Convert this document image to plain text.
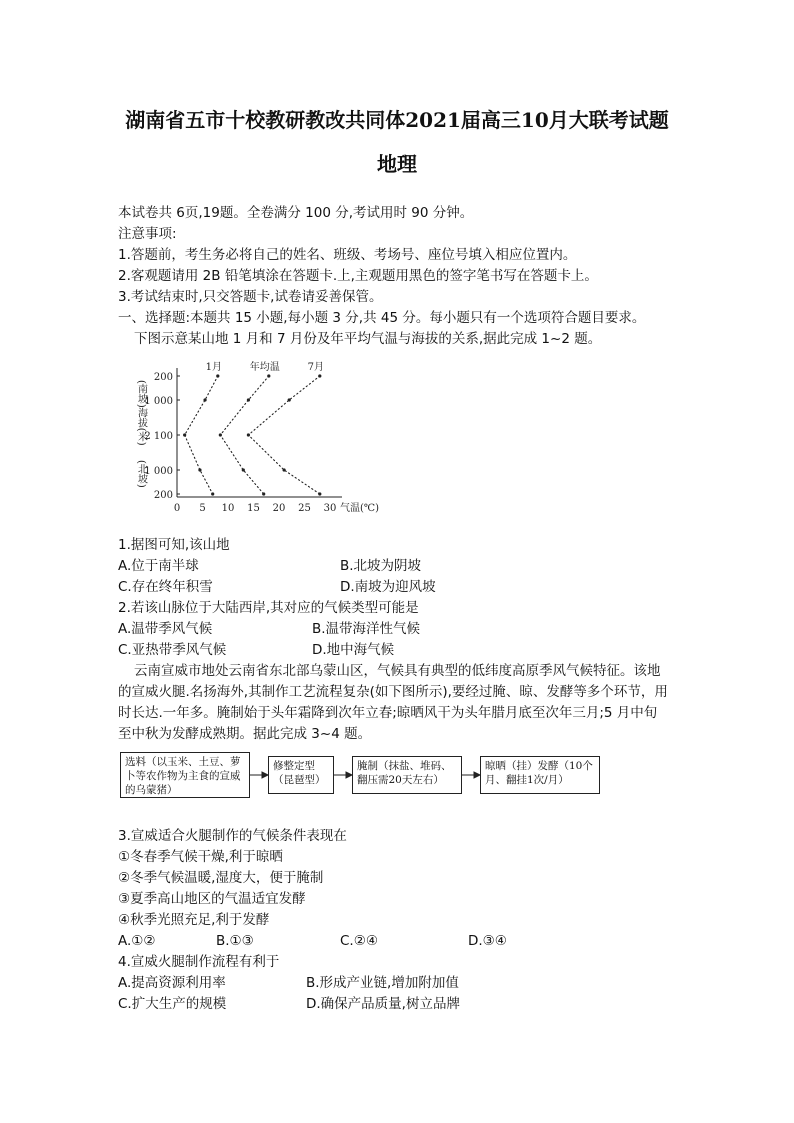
湖南省五市十校教研教改共同体2021届高三10月大联考试题
地理
本试卷共 6页,19题。全卷满分 100 分,考试用时 90 分钟。
注意事项:
1.答题前，考生务必将自己的姓名、班级、考场号、座位号填入相应位置内。
2.客观题请用 2B 铅笔填涂在答题卡.上,主观题用黑色的签字笔书写在答题卡上。
3.考试结束时,只交答题卡,试卷请妥善保管。
一、选择题:本题共 15 小题,每小题 3 分,共 45 分。每小题只有一个选项符合题目要求。
下图示意某山地 1 月和 7 月份及年平均气温与海拔的关系,据此完成 1~2 题。
0 5 10 15 20 25 30 气温(℃)
200
1 000
2 100
1 000
200
(南坡)海拔(米)
(北坡)
1月	年均温	7月
1.据图可知,该山地
A.位于南半球	B.北坡为阴坡
C.存在终年积雪	D.南坡为迎风坡
2.若该山脉位于大陆西岸,其对应的气候类型可能是
A.温带季风气候	B.温带海洋性气候
C.亚热带季风气候	D.地中海气候
云南宣威市地处云南省东北部乌蒙山区，气候具有典型的低纬度高原季风气候特征。该地的宣威火腿.名扬海外,其制作工艺流程复杂(如下图所示),要经过腌、晾、发酵等多个环节，用时长达.一年多。腌制始于头年霜降到次年立春;晾晒风干为头年腊月底至次年三月;5 月中旬至中秋为发酵成熟期。据此完成 3~4 题。
选料（以玉米、土豆、萝卜等农作物为主食的宣威的乌蒙猪）
修整定型（昆琶型）
腌制（抹盐、堆码、翻压需20天左右）
晾晒（挂）发酵（10个月、翻挂1次/月）
3.宣威适合火腿制作的气候条件表现在
①冬春季气候干燥,利于晾晒
②冬季气候温暖,湿度大，便于腌制
③夏季高山地区的气温适宜发酵
④秋季光照充足,利于发酵
A.①②	B.①③	C.②④	D.③④
4.宣威火腿制作流程有利于
A.提高资源利用率	B.形成产业链,增加附加值
C.扩大生产的规模	D.确保产品质量,树立品牌
